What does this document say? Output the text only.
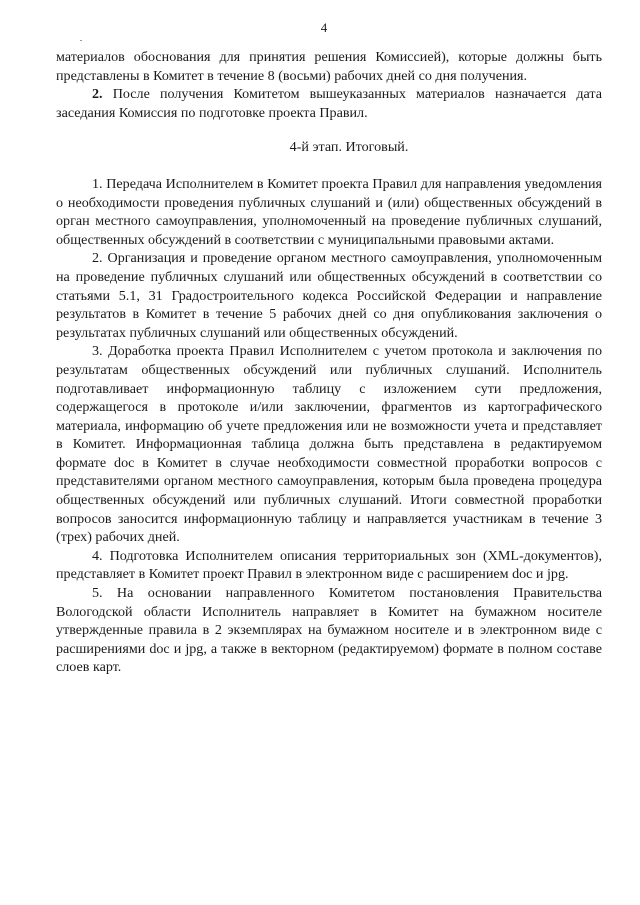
4

материалов обоснования для принятия решения Комиссией), которые должны быть представлены в Комитет в течение 8 (восьми) рабочих дней со дня получения.

2. После получения Комитетом вышеуказанных материалов назначается дата заседания Комиссия по подготовке проекта Правил.

4-й этап. Итоговый.

1. Передача Исполнителем в Комитет проекта Правил для направления уведомления о необходимости проведения публичных слушаний и (или) общественных обсуждений в орган местного самоуправления, уполномоченный на проведение публичных слушаний, общественных обсуждений в соответствии с муниципальными правовыми актами.

2. Организация и проведение органом местного самоуправления, уполномоченным на проведение публичных слушаний или общественных обсуждений в соответствии со статьями 5.1, 31 Градостроительного кодекса Российской Федерации и направление результатов в Комитет в течение 5 рабочих дней со дня опубликования заключения о результатах публичных слушаний или общественных обсуждений.

3. Доработка проекта Правил Исполнителем с учетом протокола и заключения по результатам общественных обсуждений или публичных слушаний. Исполнитель подготавливает информационную таблицу с изложением сути предложения, содержащегося в протоколе и/или заключении, фрагментов из картографического материала, информацию об учете предложения или не возможности учета и представляет в Комитет. Информационная таблица должна быть представлена в редактируемом формате doc в Комитет в случае необходимости совместной проработки вопросов с представителями органом местного самоуправления, которым была проведена процедура общественных обсуждений или публичных слушаний. Итоги совместной проработки вопросов заносится информационную таблицу и направляется участникам в течение 3 (трех) рабочих дней.

4. Подготовка Исполнителем описания территориальных зон (XML-документов), представляет в Комитет проект Правил в электронном виде с расширением doc и jpg.

5. На основании направленного Комитетом постановления Правительства Вологодской области Исполнитель направляет в Комитет на бумажном носителе утвержденные правила в 2 экземплярах на бумажном носителе и в электронном виде с расширениями doc и jpg, а также в векторном (редактируемом) формате в полном составе слоев карт.
